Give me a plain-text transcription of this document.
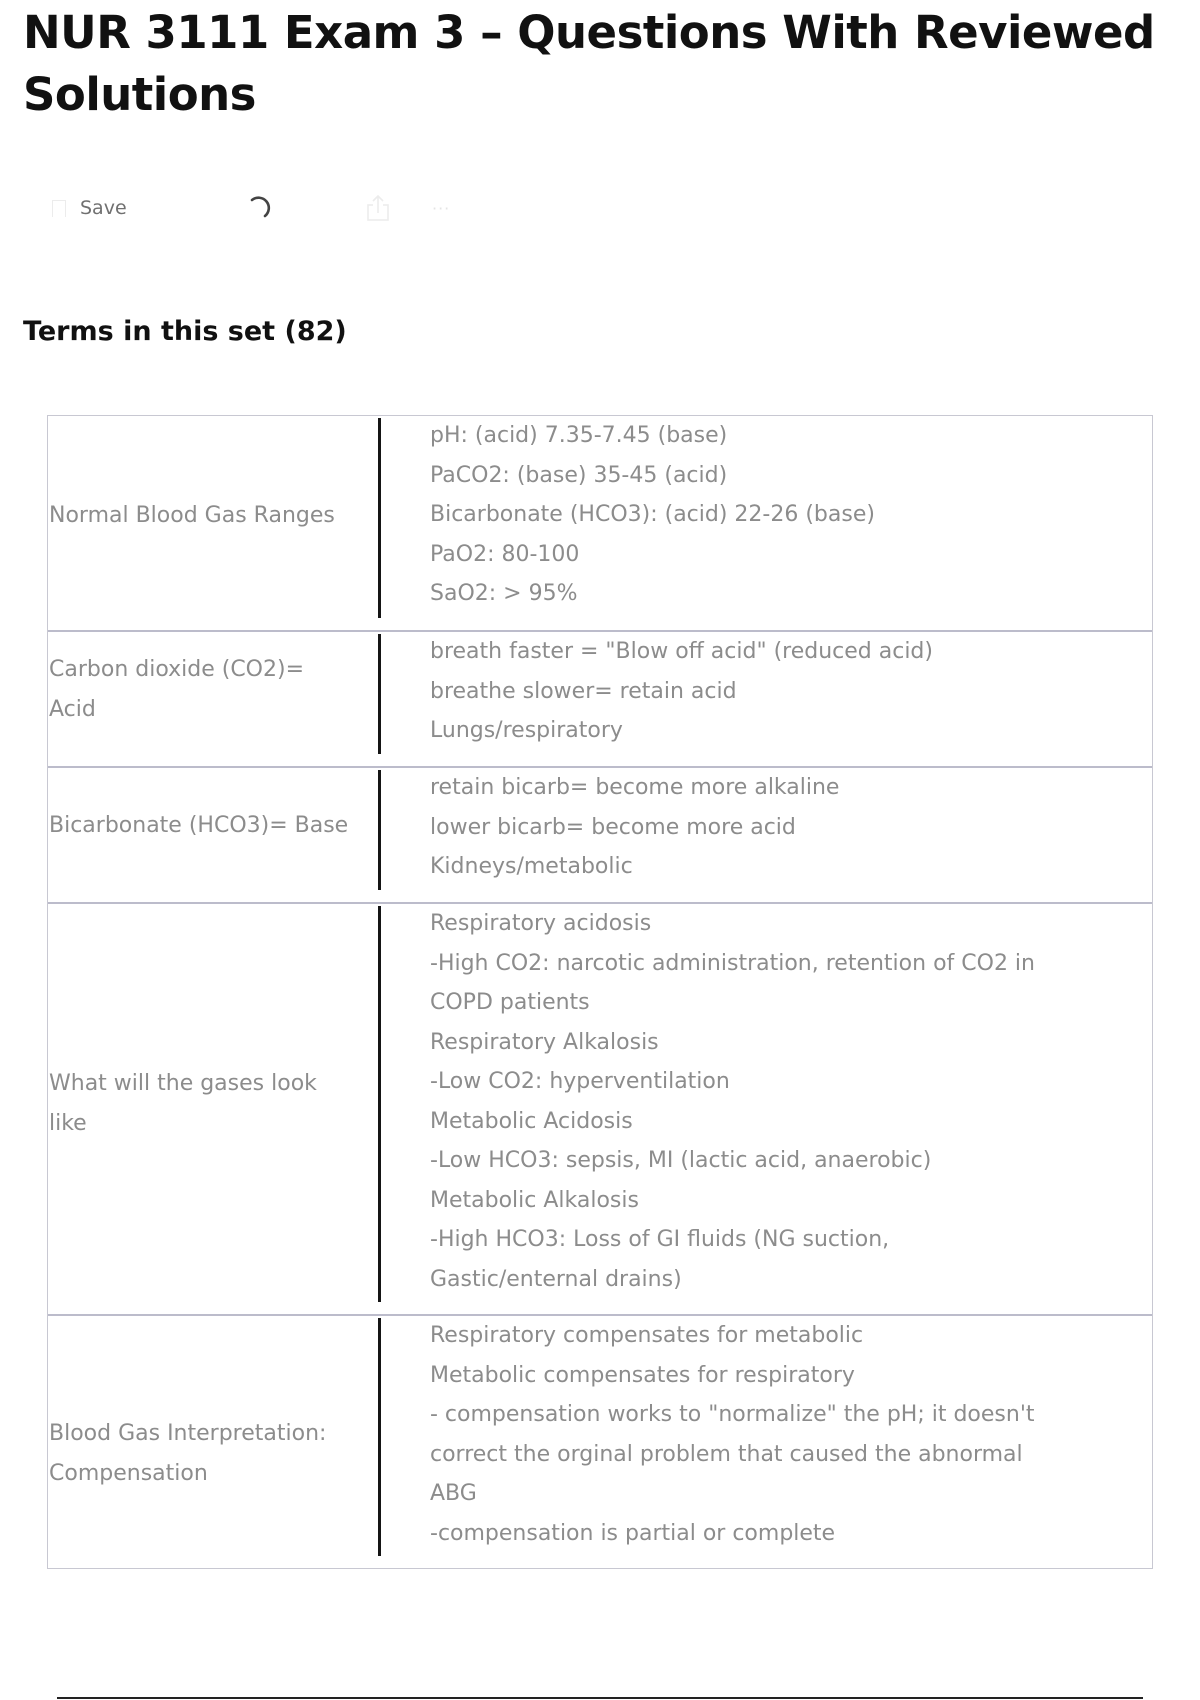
NUR 3111 Exam 3 – Questions With Reviewed Solutions
Save	···
Terms in this set (82)
Normal Blood Gas Ranges
pH: (acid) 7.35-7.45 (base)
PaCO2: (base) 35-45 (acid)
Bicarbonate (HCO3): (acid) 22-26 (base)
PaO2: 80-100
SaO2: > 95%
Carbon dioxide (CO2)= Acid
breath faster = "Blow off acid" (reduced acid)
breathe slower= retain acid
Lungs/respiratory
Bicarbonate (HCO3)= Base
retain bicarb= become more alkaline
lower bicarb= become more acid
Kidneys/metabolic
What will the gases look like
Respiratory acidosis
-High CO2: narcotic administration, retention of CO2 in
COPD patients
Respiratory Alkalosis
-Low CO2: hyperventilation
Metabolic Acidosis
-Low HCO3: sepsis, MI (lactic acid, anaerobic)
Metabolic Alkalosis
-High HCO3: Loss of GI fluids (NG suction,
Gastic/enternal drains)
Blood Gas Interpretation: Compensation
Respiratory compensates for metabolic
Metabolic compensates for respiratory
- compensation works to "normalize" the pH; it doesn't
correct the orginal problem that caused the abnormal
ABG
-compensation is partial or complete
